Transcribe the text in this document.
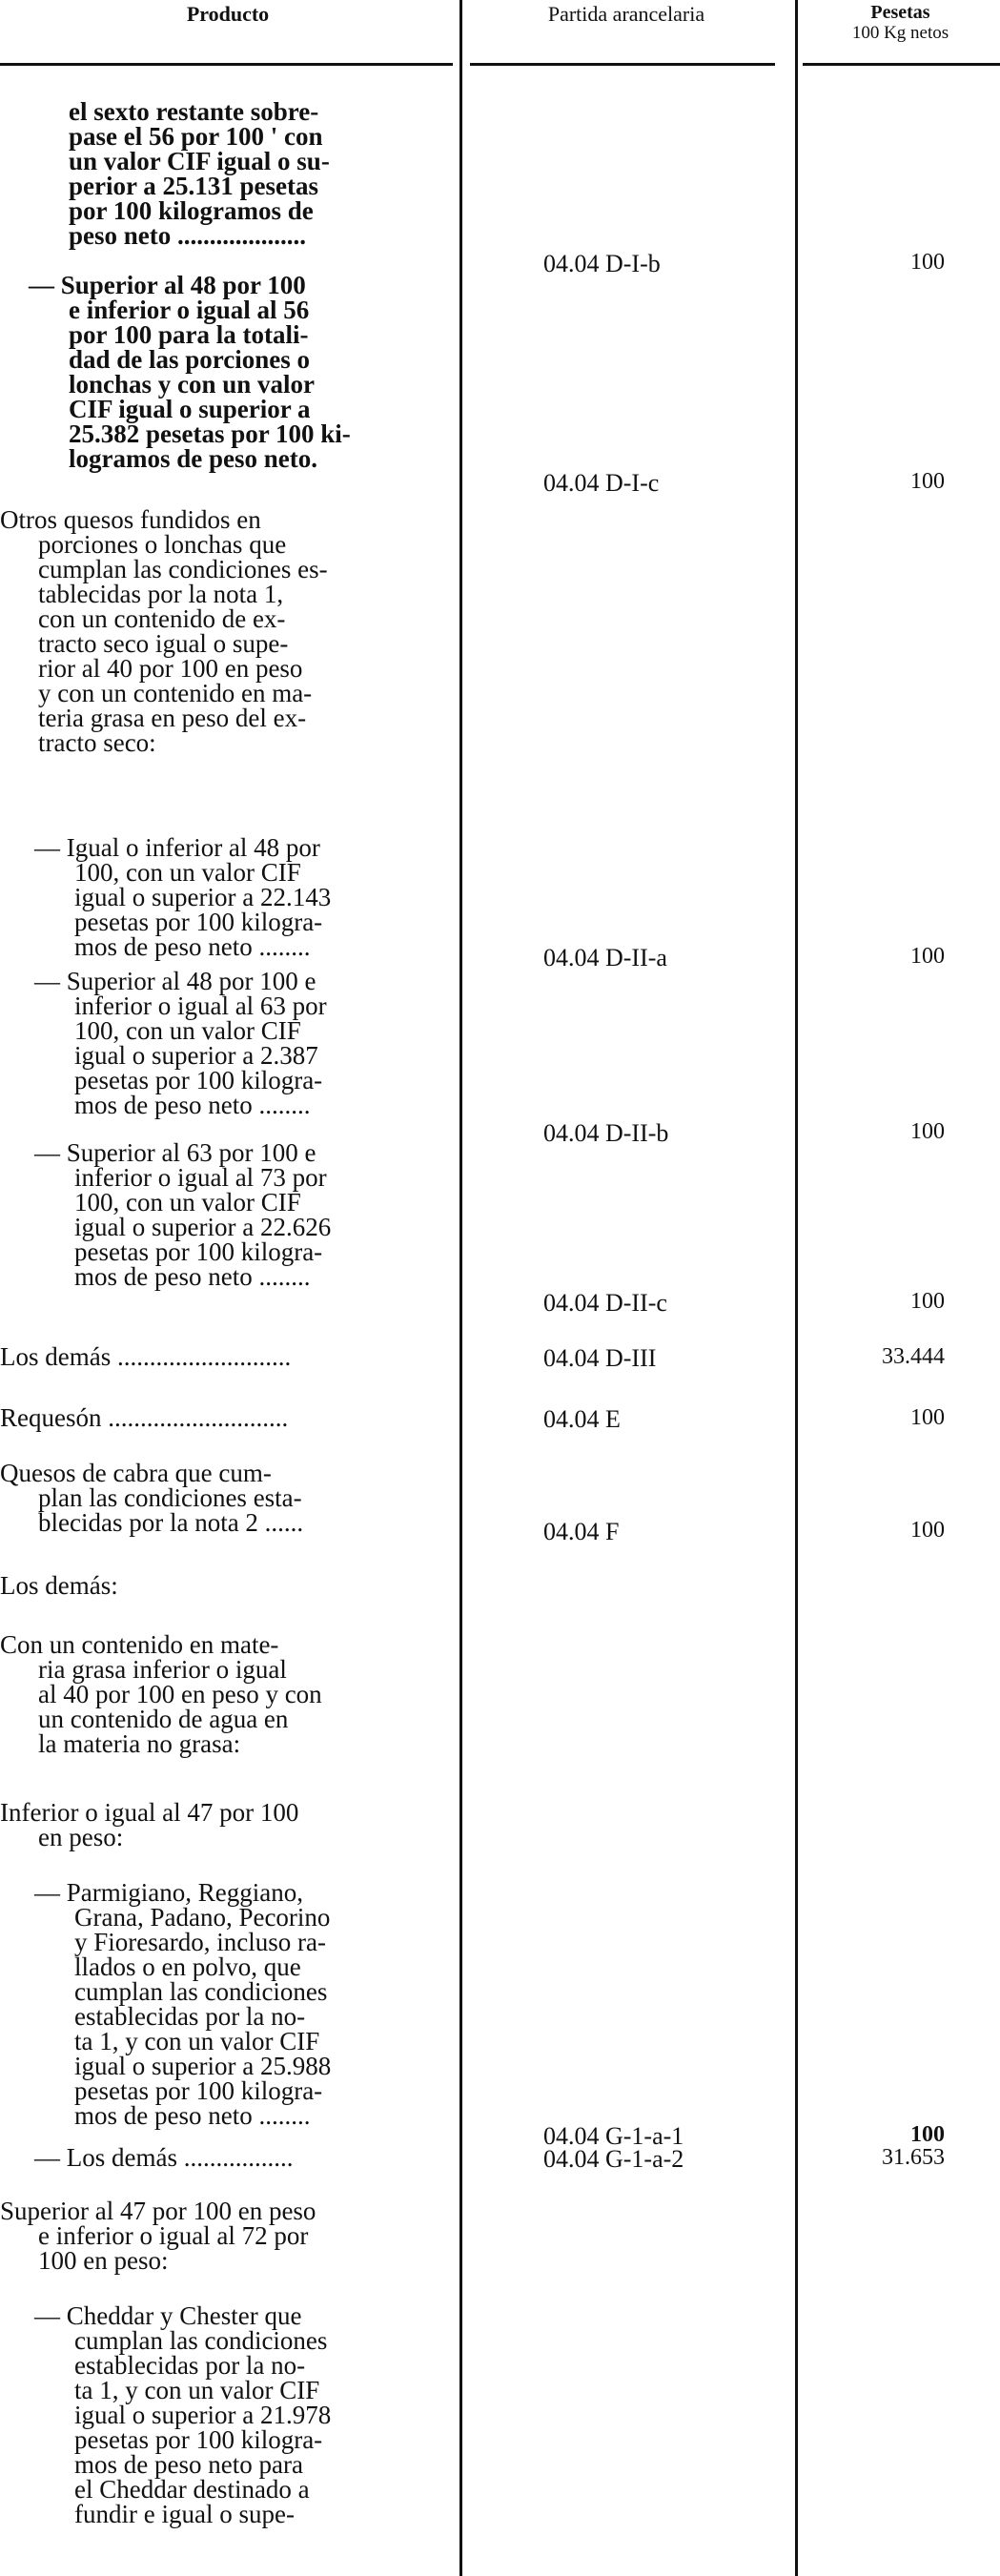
Producto	Partida arancelaria	Pesetas
100 Kg netos
el sexto restante sobre-
pase el 56 por 100 ' con
un valor CIF igual o su-
perior a 25.131 pesetas
por 100 kilogramos de
peso neto ....................
04.04 D-I-b	100
— Superior al 48 por 100
e inferior o igual al 56
por 100 para la totali-
dad de las porciones o
lonchas y con un valor
CIF igual o superior a
25.382 pesetas por 100 ki-
logramos de peso neto.
04.04 D-I-c	100
Otros quesos fundidos en
porciones o lonchas que
cumplan las condiciones es-
tablecidas por la nota 1,
con un contenido de ex-
tracto seco igual o supe-
rior al 40 por 100 en peso
y con un contenido en ma-
teria grasa en peso del ex-
tracto seco:
— Igual o inferior al 48 por
100, con un valor CIF
igual o superior a 22.143
pesetas por 100 kilogra-
mos de peso neto ........	04.04 D-II-a	100
— Superior al 48 por 100 e
inferior o igual al 63 por
100, con un valor CIF
igual o superior a 2.387
pesetas por 100 kilogra-
mos de peso neto ........
04.04 D-II-b	100
— Superior al 63 por 100 e
inferior o igual al 73 por
100, con un valor CIF
igual o superior a 22.626
pesetas por 100 kilogra-
mos de peso neto ........
04.04 D-II-c	100
Los demás ...........................	04.04 D-III	33.444
Requesón ............................	04.04 E	100
Quesos de cabra que cum-
plan las condiciones esta-
blecidas por la nota 2 ......	04.04 F	100
Los demás:
Con un contenido en mate-
ria grasa inferior o igual
al 40 por 100 en peso y con
un contenido de agua en
la materia no grasa:
Inferior o igual al 47 por 100
en peso:
— Parmigiano, Reggiano,
Grana, Padano, Pecorino
y Fioresardo, incluso ra-
llados o en polvo, que
cumplan las condiciones
establecidas por la no-
ta 1, y con un valor CIF
igual o superior a 25.988
pesetas por 100 kilogra-
mos de peso neto ........
04.04 G-1-a-1	100
— Los demás .................	04.04 G-1-a-2	31.653
Superior al 47 por 100 en peso
e inferior o igual al 72 por
100 en peso:
— Cheddar y Chester que
cumplan las condiciones
establecidas por la no-
ta 1, y con un valor CIF
igual o superior a 21.978
pesetas por 100 kilogra-
mos de peso neto para
el Cheddar destinado a
fundir e igual o supe-
